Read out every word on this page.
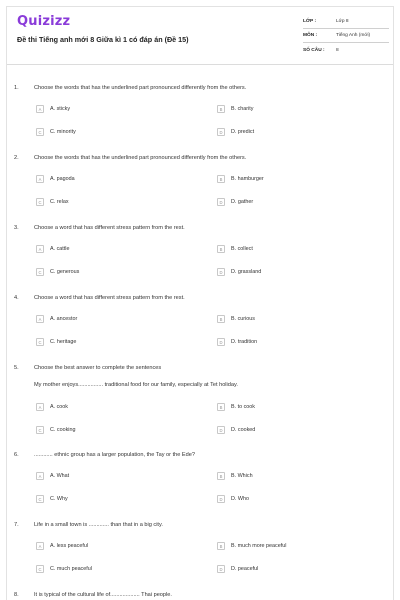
Quizizz
Đề thi Tiếng anh mới 8 Giữa kì 1 có đáp án (Đề 15)
LỚP :	Lớp 8
MÔN :	Tiếng Anh (mới)
SỐ CÂU :	8
1.	Choose the words that has the underlined part pronounced differently from the others.
A	A. sticky	B	B. charity
C	C. minority	D	D. predict
2.	Choose the words that has the underlined part pronounced differently from the others.
A	A. pagoda	B	B. hamburger
C	C. relax	D	D. gather
3.	Choose a word that has different stress pattern from the rest.
A	A. cattle	B	B. collect
C	C. generous	D	D. grassland
4.	Choose a word that has different stress pattern from the rest.
A	A. ancestor	B	B. curious
C	C. heritage	D	D. tradition
5.	Choose the best answer to complete the sentences
My mother enjoys................ traditional food for our family, especially at Tet holiday.
A	A. cook	B	B. to cook
C	C. cooking	D	D. cooked
6.	............ ethnic group has a larger population, the Tay or the Ede?
A	A. What	B	B. Which
C	C. Why	D	D. Who
7.	Life in a small town is ............. than that in a big city.
A	A. less peaceful	B	B. much more peaceful
C	C. much peaceful	D	D. peaceful
8.	It is typical of the cultural life of................... Thai people.
